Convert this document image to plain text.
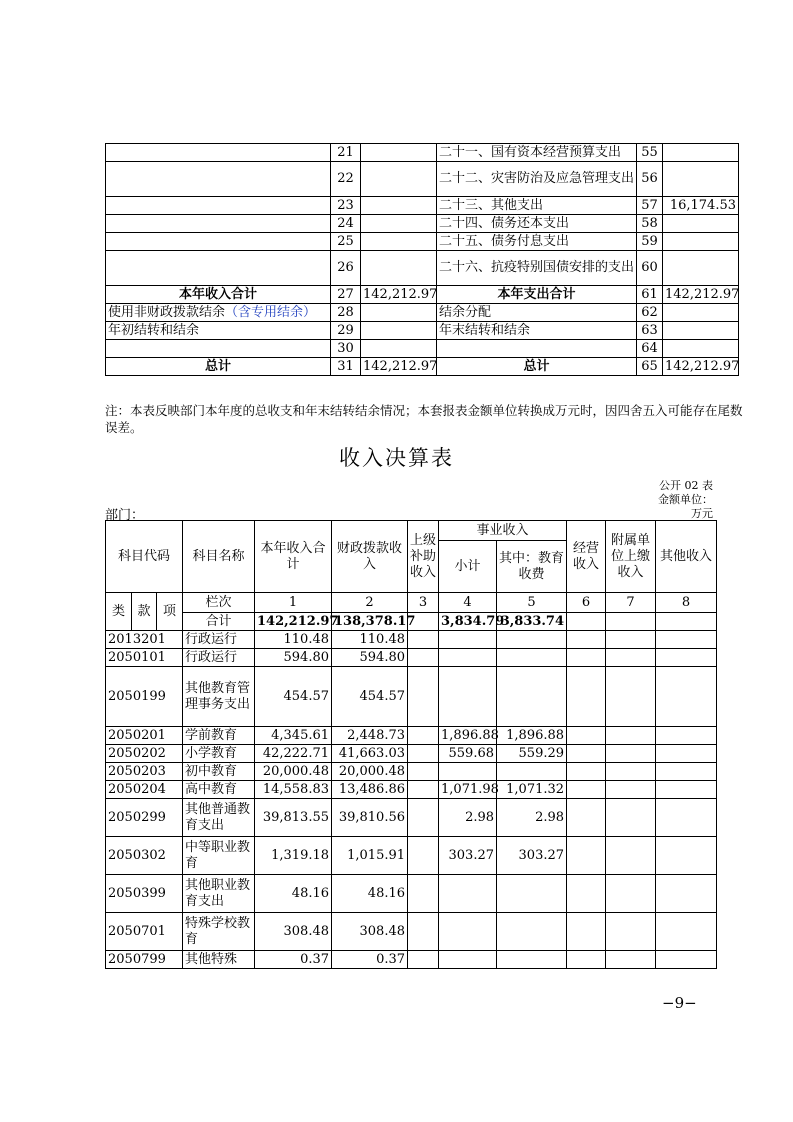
	21		二十一、国有资本经营预算支出	55	
	22		二十二、灾害防治及应急管理支出	56	
	23		二十三、其他支出	57	16,174.53
	24		二十四、债务还本支出	58	
	25		二十五、债务付息支出	59	
	26		二十六、抗疫特别国债安排的支出	60	
本年收入合计	27	142,212.97	本年支出合计	61	142,212.97
使用非财政拨款结余（含专用结余）	28		结余分配	62	
年初结转和结余	29		年末结转和结余	63	
	30			64	
总计	31	142,212.97	总计	65	142,212.97
注：本表反映部门本年度的总收支和年末结转结余情况；本套报表金额单位转换成万元时，因四舍五入可能存在尾数误差。
收入决算表
公开 02 表
金额单位：万元
部门：
科目代码			科目名称	本年收入合计	财政拨款收入	上级补助收入	事业收入		经营收入	附属单位上缴收入	其他收入
							小计	其中：教育收费			

类	款	项	栏次	1	2	3	4	5	6	7	8
			合计	142,212.97	138,378.17		3,834.79	3,833.74			
2013201			行政运行	110.48	110.48						
2050101			行政运行	594.80	594.80						
2050199			其他教育管理事务支出	454.57	454.57						
2050201			学前教育	4,345.61	2,448.73		1,896.88	1,896.88			
2050202			小学教育	42,222.71	41,663.03		559.68	559.29			
2050203			初中教育	20,000.48	20,000.48						
2050204			高中教育	14,558.83	13,486.86		1,071.98	1,071.32			
2050299			其他普通教育支出	39,813.55	39,810.56		2.98	2.98			
2050302			中等职业教育	1,319.18	1,015.91		303.27	303.27			
2050399			其他职业教育支出	48.16	48.16						
2050701			特殊学校教育	308.48	308.48						
2050799			其他特殊	0.37	0.37						
−9−
